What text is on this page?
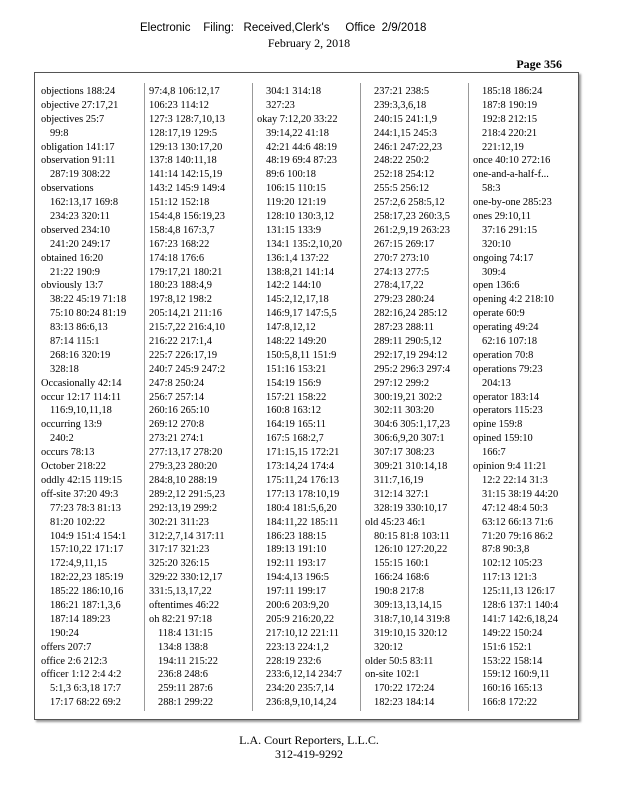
Electronic    Filing:   Received,Clerk's     Office  2/9/2018
February 2, 2018
Page 356
objections 188:24
objective 27:17,21
objectives 25:7
99:8
obligation 141:17
observation 91:11
287:19 308:22
observations
162:13,17 169:8
234:23 320:11
observed 234:10
241:20 249:17
obtained 16:20
21:22 190:9
obviously 13:7
38:22 45:19 71:18
75:10 80:24 81:19
83:13 86:6,13
87:14 115:1
268:16 320:19
328:18
Occasionally 42:14
occur 12:17 114:11
116:9,10,11,18
occurring 13:9
240:2
occurs 78:13
October 218:22
oddly 42:15 119:15
off-site 37:20 49:3
77:23 78:3 81:13
81:20 102:22
104:9 151:4 154:1
157:10,22 171:17
172:4,9,11,15
182:22,23 185:19
185:22 186:10,16
186:21 187:1,3,6
187:14 189:23
190:24
offers 207:7
office 2:6 212:3
officer 1:12 2:4 4:2
5:1,3 6:3,18 17:7
17:17 68:22 69:2
97:4,8 106:12,17
106:23 114:12
127:3 128:7,10,13
128:17,19 129:5
129:13 130:17,20
137:8 140:11,18
141:14 142:15,19
143:2 145:9 149:4
151:12 152:18
154:4,8 156:19,23
158:4,8 167:3,7
167:23 168:22
174:18 176:6
179:17,21 180:21
180:23 188:4,9
197:8,12 198:2
205:14,21 211:16
215:7,22 216:4,10
216:22 217:1,4
225:7 226:17,19
240:7 245:9 247:2
247:8 250:24
256:7 257:14
260:16 265:10
269:12 270:8
273:21 274:1
277:13,17 278:20
279:3,23 280:20
284:8,10 288:19
289:2,12 291:5,23
292:13,19 299:2
302:21 311:23
312:2,7,14 317:11
317:17 321:23
325:20 326:15
329:22 330:12,17
331:5,13,17,22
oftentimes 46:22
oh 82:21 97:18
118:4 131:15
134:8 138:8
194:11 215:22
236:8 248:6
259:11 287:6
288:1 299:22
304:1 314:18
327:23
okay 7:12,20 33:22
39:14,22 41:18
42:21 44:6 48:19
48:19 69:4 87:23
89:6 100:18
106:15 110:15
119:20 121:19
128:10 130:3,12
131:15 133:9
134:1 135:2,10,20
136:1,4 137:22
138:8,21 141:14
142:2 144:10
145:2,12,17,18
146:9,17 147:5,5
147:8,12,12
148:22 149:20
150:5,8,11 151:9
151:16 153:21
154:19 156:9
157:21 158:22
160:8 163:12
164:19 165:11
167:5 168:2,7
171:15,15 172:21
173:14,24 174:4
175:11,24 176:13
177:13 178:10,19
180:4 181:5,6,20
184:11,22 185:11
186:23 188:15
189:13 191:10
192:11 193:17
194:4,13 196:5
197:11 199:17
200:6 203:9,20
205:9 216:20,22
217:10,12 221:11
223:13 224:1,2
228:19 232:6
233:6,12,14 234:7
234:20 235:7,14
236:8,9,10,14,24
237:21 238:5
239:3,3,6,18
240:15 241:1,9
244:1,15 245:3
246:1 247:22,23
248:22 250:2
252:18 254:12
255:5 256:12
257:2,6 258:5,12
258:17,23 260:3,5
261:2,9,19 263:23
267:15 269:17
270:7 273:10
274:13 277:5
278:4,17,22
279:23 280:24
282:16,24 285:12
287:23 288:11
289:11 290:5,12
292:17,19 294:12
295:2 296:3 297:4
297:12 299:2
300:19,21 302:2
302:11 303:20
304:6 305:1,17,23
306:6,9,20 307:1
307:17 308:23
309:21 310:14,18
311:7,16,19
312:14 327:1
328:19 330:10,17
old 45:23 46:1
80:15 81:8 103:11
126:10 127:20,22
155:15 160:1
166:24 168:6
190:8 217:8
309:13,13,14,15
318:7,10,14 319:8
319:10,15 320:12
320:12
older 50:5 83:11
on-site 102:1
170:22 172:24
182:23 184:14
185:18 186:24
187:8 190:19
192:8 212:15
218:4 220:21
221:12,19
once 40:10 272:16
one-and-a-half-f...
58:3
one-by-one 285:23
ones 29:10,11
37:16 291:15
320:10
ongoing 74:17
309:4
open 136:6
opening 4:2 218:10
operate 60:9
operating 49:24
62:16 107:18
operation 70:8
operations 79:23
204:13
operator 183:14
operators 115:23
opine 159:8
opined 159:10
166:7
opinion 9:4 11:21
12:2 22:14 31:3
31:15 38:19 44:20
47:12 48:4 50:3
63:12 66:13 71:6
71:20 79:16 86:2
87:8 90:3,8
102:12 105:23
117:13 121:3
125:11,13 126:17
128:6 137:1 140:4
141:7 142:6,18,24
149:22 150:24
151:6 152:1
153:22 158:14
159:12 160:9,11
160:16 165:13
166:8 172:22
L.A. Court Reporters, L.L.C.
312-419-9292
